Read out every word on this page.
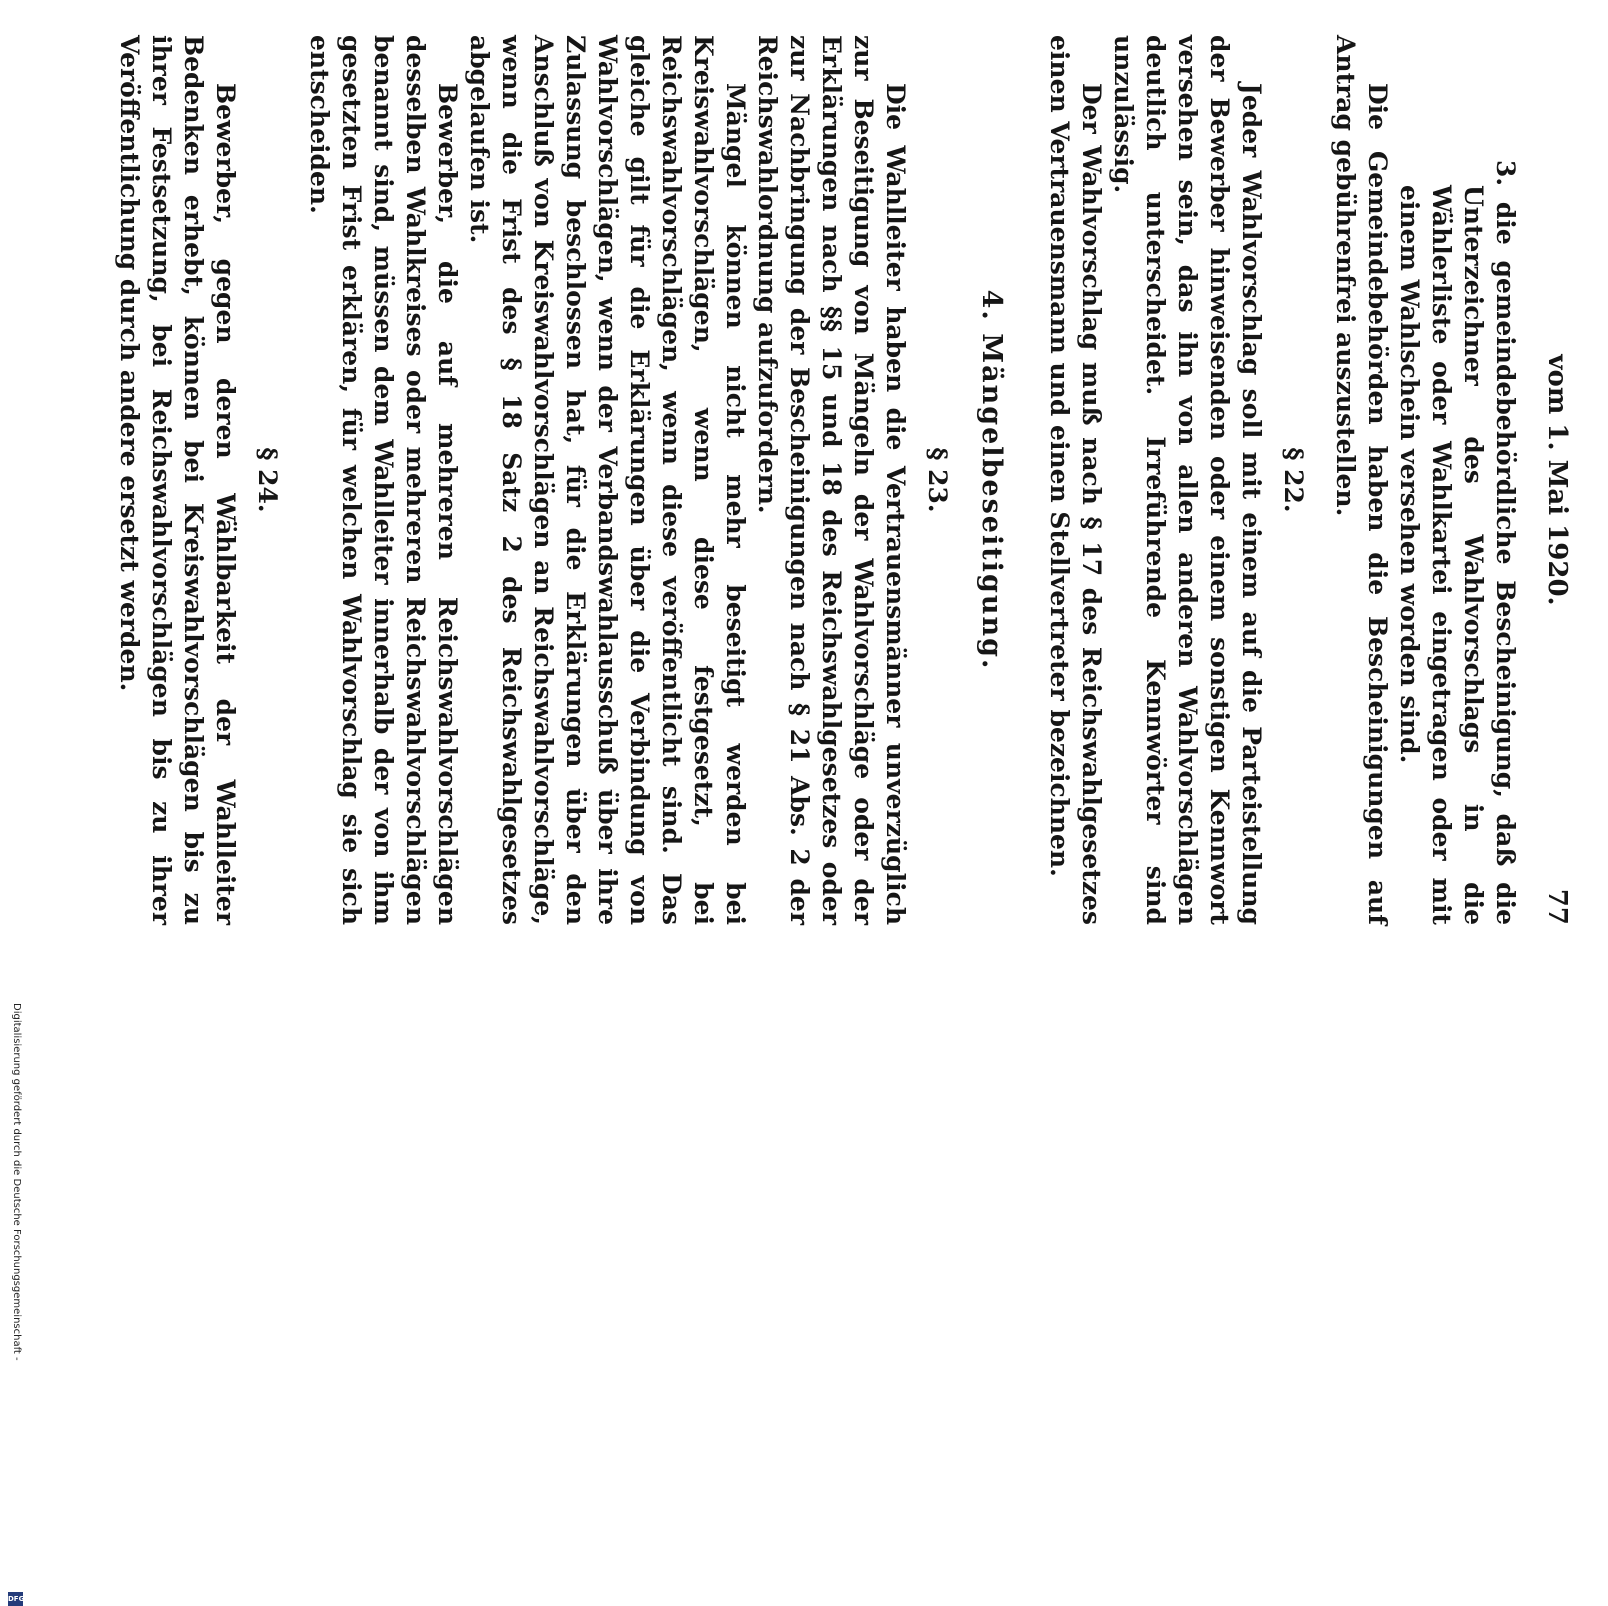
vom 1. Mai 1920.
77

3. die gemeindebehördliche Bescheinigung, daß die Unterzeichner des Wahlvorschlags in die Wählerliste oder Wahlkartei eingetragen oder mit einem Wahlschein versehen worden sind.

Die Gemeindebehörden haben die Bescheinigungen auf Antrag gebührenfrei auszustellen.

§ 22.

Jeder Wahlvorschlag soll mit einem auf die Parteistellung der Bewerber hinweisenden oder einem sonstigen Kennwort versehen sein, das ihn von allen anderen Wahlvorschlägen deutlich unterscheidet. Irreführende Kennwörter sind unzulässig.

Der Wahlvorschlag muß nach § 17 des Reichswahlgesetzes einen Vertrauensmann und einen Stellvertreter bezeichnen.

4. Mängelbeseitigung.

§ 23.

Die Wahlleiter haben die Vertrauensmänner unverzüglich zur Beseitigung von Mängeln der Wahlvorschläge oder der Erklärungen nach §§ 15 und 18 des Reichswahlgesetzes oder zur Nachbringung der Bescheinigungen nach § 21 Abs. 2 der Reichswahlordnung aufzufordern.

Mängel können nicht mehr beseitigt werden bei Kreiswahlvorschlägen, wenn diese festgesetzt, bei Reichswahlvorschlägen, wenn diese veröffentlicht sind. Das gleiche gilt für die Erklärungen über die Verbindung von Wahlvorschlägen, wenn der Verbandswahlausschuß über ihre Zulassung beschlossen hat, für die Erklärungen über den Anschluß von Kreiswahlvorschlägen an Reichswahlvorschläge, wenn die Frist des § 18 Satz 2 des Reichswahlgesetzes abgelaufen ist.

Bewerber, die auf mehreren Reichswahlvorschlägen desselben Wahlkreises oder mehreren Reichswahlvorschlägen benannt sind, müssen dem Wahlleiter innerhalb der von ihm gesetzten Frist erklären, für welchen Wahlvorschlag sie sich entscheiden.

§ 24.

Bewerber, gegen deren Wählbarkeit der Wahlleiter Bedenken erhebt, können bei Kreiswahlvorschlägen bis zu ihrer Festsetzung, bei Reichswahlvorschlägen bis zu ihrer Veröffentlichung durch andere ersetzt werden.

Digitalisierung gefördert durch die Deutsche Forschungsgemeinschaft -
DFG
